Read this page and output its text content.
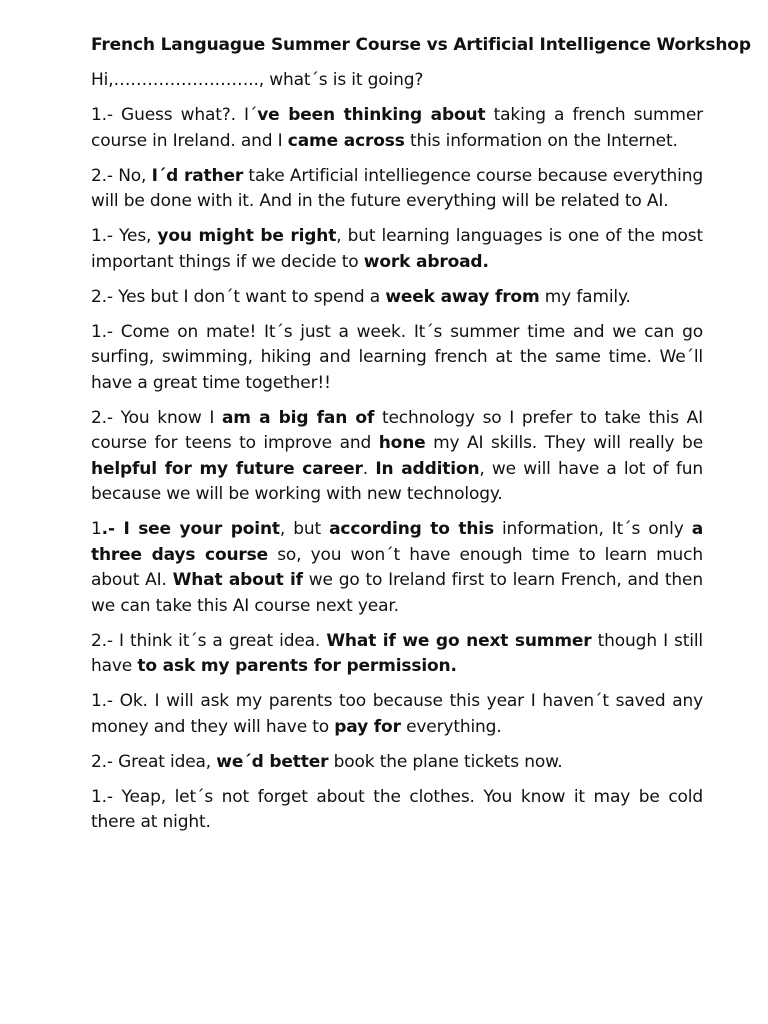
French Languague Summer Course vs Artificial Intelligence Workshop

Hi,…………………….., what´s is it going?

1.- Guess what?. I´ve been thinking about taking a french summer course in Ireland. and I came across this information on the Internet.

2.- No, I´d rather take Artificial intelliegence course because everything will be done with it. And in the future everything will be related to AI.

1.- Yes, you might be right, but learning languages is one of the most important things if we decide to work abroad.

2.- Yes but I don´t want to spend a week away from my family.

1.- Come on mate! It´s just a week. It´s summer time and we can go surfing, swimming, hiking and learning french at the same time. We´ll have a great time together!!

2.- You know I am a big fan of technology so I prefer to take this AI course for teens to improve and hone my AI skills. They will really be helpful for my future career. In addition, we will have a lot of fun because we will be working with new technology.

1.- I see your point, but according to this information, It´s only a three days course so, you won´t have enough time to learn much about AI. What about if we go to Ireland first to learn French, and then we can take this AI course next year.

2.- I think it´s a great idea. What if we go next summer though I still have to ask my parents for permission.

1.- Ok. I will ask my parents too because this year I haven´t saved any money and they will have to pay for everything.

2.- Great idea, we´d better book the plane tickets now.

1.- Yeap, let´s not forget about the clothes. You know it may be cold there at night.
